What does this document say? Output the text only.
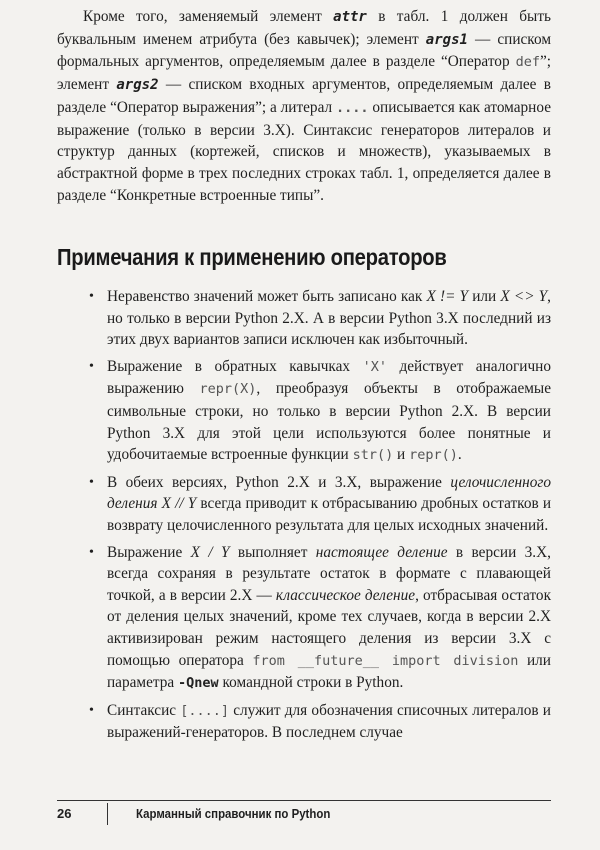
Кроме того, заменяемый элемент attr в табл. 1 должен быть буквальным именем атрибута (без кавычек); элемент args1 — списком формальных аргументов, определяемым далее в разделе “Оператор def”; элемент args2 — списком входных аргументов, определяемым далее в разделе “Оператор выражения”; а литерал .... описывается как атомарное выражение (только в версии 3.X). Синтаксис генераторов литералов и структур данных (кортежей, списков и множеств), указываемых в абстрактной форме в трех последних строках табл. 1, определяется далее в разделе “Конкретные встроенные типы”.

Примечания к применению операторов
• Неравенство значений может быть записано как X != Y или X <> Y, но только в версии Python 2.X. А в версии Python 3.X последний из этих двух вариантов записи исключен как избыточный.
• Выражение в обратных кавычках 'X' действует аналогично выражению repr(X), преобразуя объекты в отображаемые символьные строки, но только в версии Python 2.X. В версии Python 3.X для этой цели используются более понятные и удобочитаемые встроенные функции str() и repr().
• В обеих версиях, Python 2.X и 3.X, выражение целочисленного деления X // Y всегда приводит к отбрасыванию дробных остатков и возврату целочисленного результата для целых исходных значений.
• Выражение X / Y выполняет настоящее деление в версии 3.X, всегда сохраняя в результате остаток в формате с плавающей точкой, а в версии 2.X — классическое деление, отбрасывая остаток от деления целых значений, кроме тех случаев, когда в версии 2.X активизирован режим настоящего деления из версии 3.X с помощью оператора from __future__ import division или параметра -Qnew командной строки в Python.
• Синтаксис [....] служит для обозначения списочных литералов и выражений-генераторов. В последнем случае
26	Карманный справочник по Python
